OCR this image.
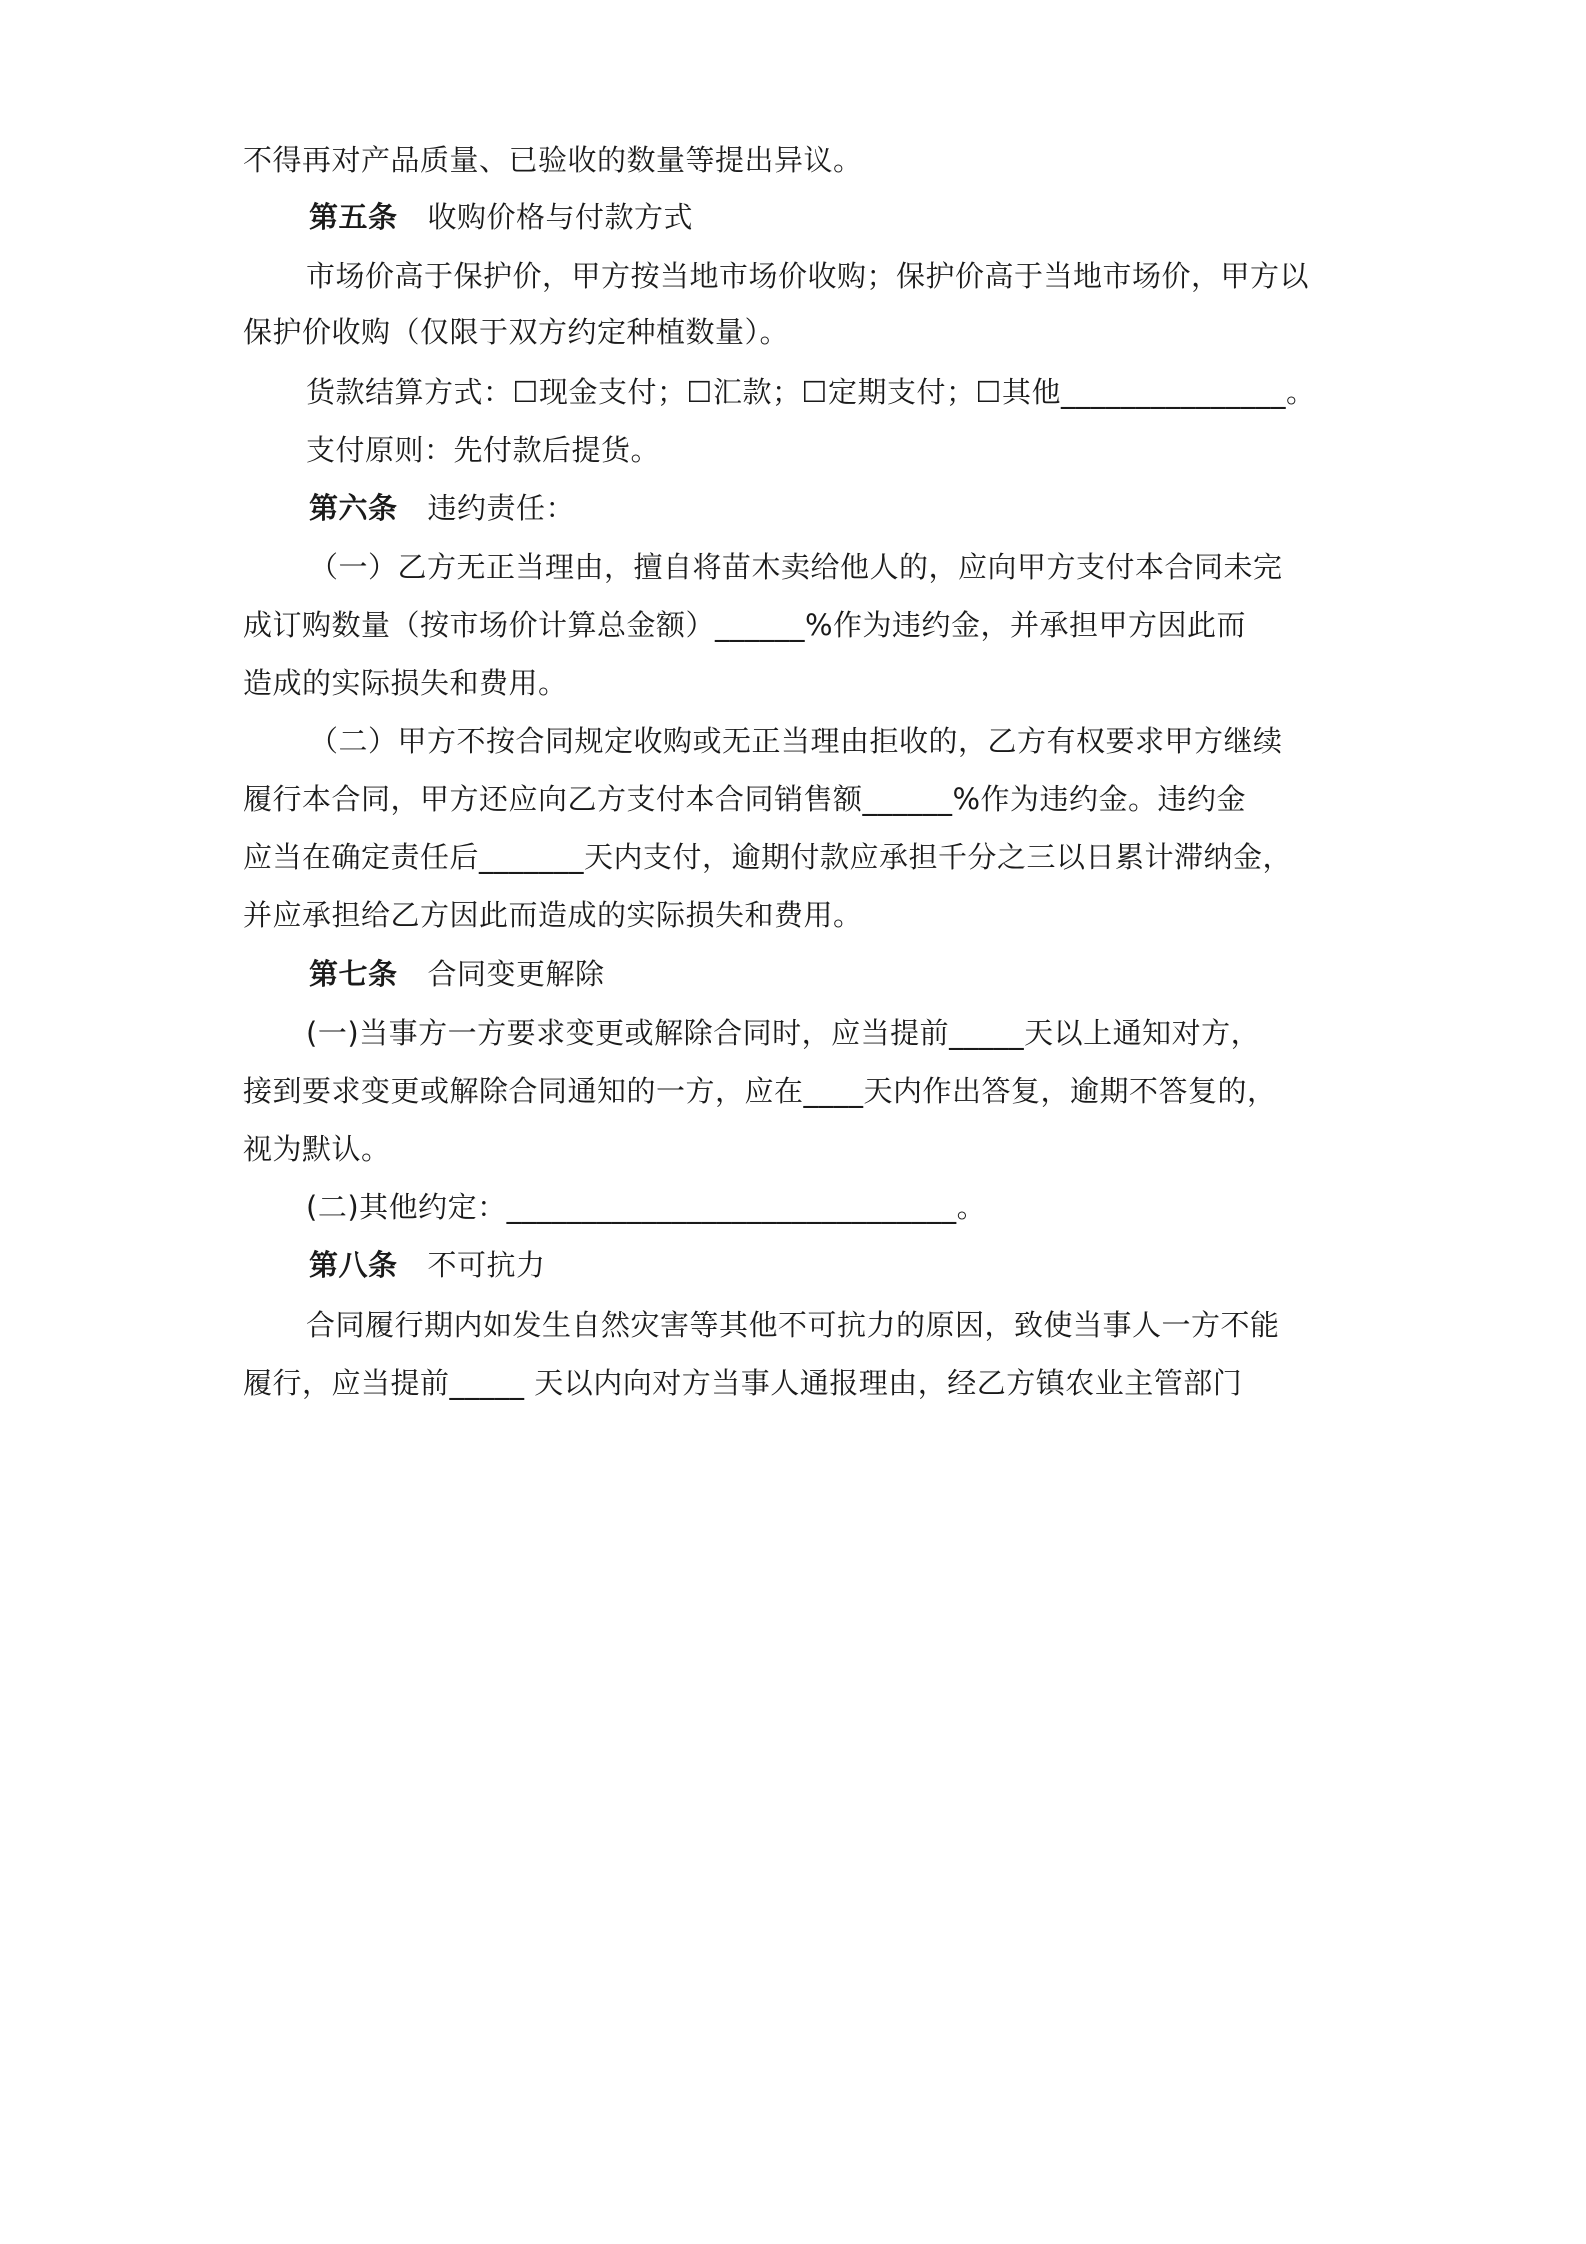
不得再对产品质量、已验收的数量等提出异议。
第五条 收购价格与付款方式
市场价高于保护价，甲方按当地市场价收购；保护价高于当地市场价，甲方以
保护价收购（仅限于双方约定种植数量）。
货款结算方式：☐现金支付；☐汇款；☐定期支付；☐其他_______________。
支付原则：先付款后提货。
第六条 违约责任：
（一）乙方无正当理由，擅自将苗木卖给他人的，应向甲方支付本合同未完
成订购数量（按市场价计算总金额）______%作为违约金，并承担甲方因此而
造成的实际损失和费用。
（二）甲方不按合同规定收购或无正当理由拒收的，乙方有权要求甲方继续
履行本合同，甲方还应向乙方支付本合同销售额______%作为违约金。违约金
应当在确定责任后_______天内支付，逾期付款应承担千分之三以日累计滞纳金，
并应承担给乙方因此而造成的实际损失和费用。
第七条 合同变更解除
(一)当事方一方要求变更或解除合同时，应当提前_____天以上通知对方，
接到要求变更或解除合同通知的一方，应在____天内作出答复，逾期不答复的，
视为默认。
(二)其他约定：______________________________。
第八条 不可抗力
合同履行期内如发生自然灾害等其他不可抗力的原因，致使当事人一方不能
履行，应当提前_____ 天以内向对方当事人通报理由，经乙方镇农业主管部门
